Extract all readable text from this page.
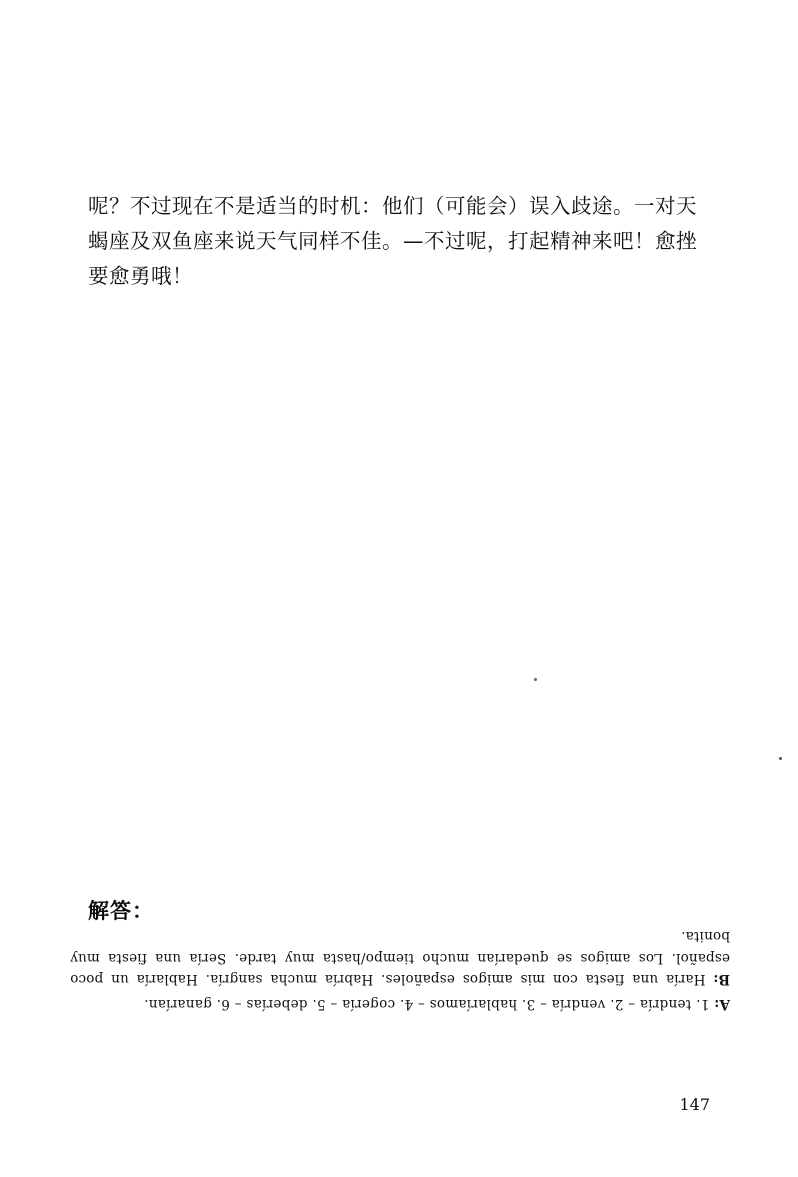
呢？不过现在不是适当的时机：他们（可能会）误入歧途。一对天蝎座及双鱼座来说天气同样不佳。—不过呢，打起精神来吧！愈挫要愈勇哦！

解答：

A: 1. tendría – 2. vendría – 3. hablaríamos – 4. cogería – 5. deberías – 6. ganarían.

B: Haría una fiesta con mis amigos españoles. Habría mucha sangría. Hablaría un poco español. Los amigos se quedarían mucho tiempo/hasta muy tarde. Sería una fiesta muy bonita.

147
